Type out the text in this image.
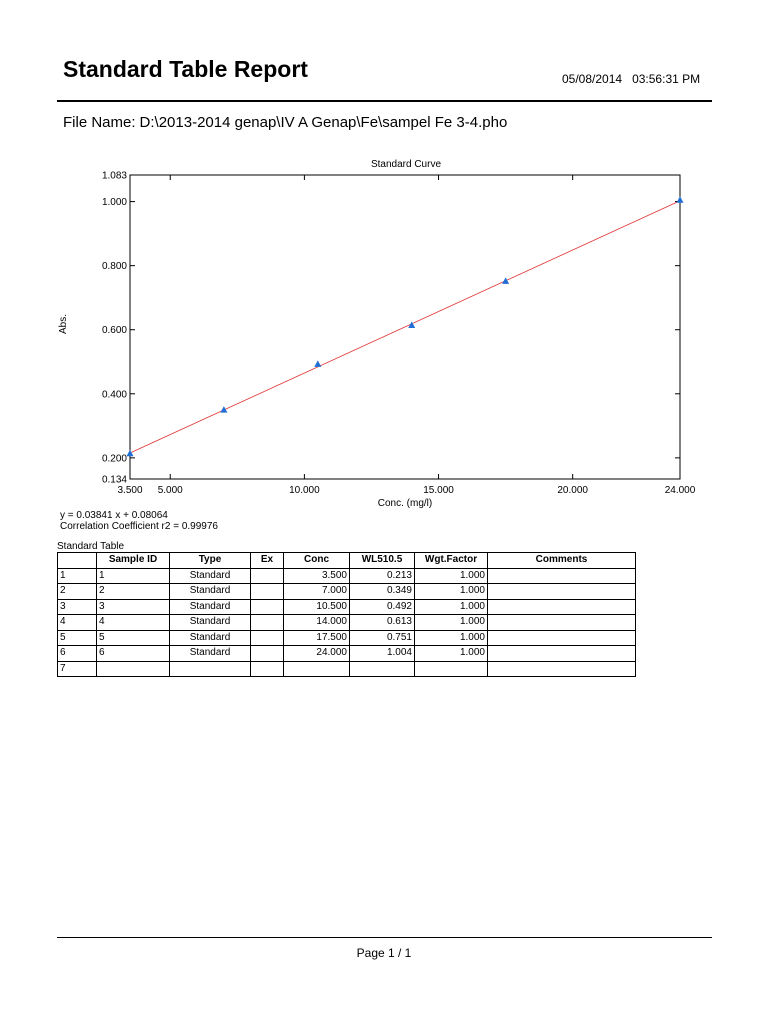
Standard Table Report	05/08/2014 03:56:31 PM
File Name: D:\2013-2014 genap\IV A Genap\Fe\sampel Fe 3-4.pho
Standard Curve
0.134
0.200
0.400
0.600
0.800
1.000
1.083
3.500 5.000	10.000	15.000	20.000	24.000
Abs.
Conc. (mg/l)
y = 0.03841 x + 0.08064
Correlation Coefficient r2 = 0.99976
Standard Table
	Sample ID	Type	Ex	Conc	WL510.5	Wgt.Factor	Comments
1	1	Standard		3.500	0.213	1.000	
2	2	Standard		7.000	0.349	1.000	
3	3	Standard		10.500	0.492	1.000	
4	4	Standard		14.000	0.613	1.000	
5	5	Standard		17.500	0.751	1.000	
6	6	Standard		24.000	1.004	1.000	
7							
Page 1 / 1
